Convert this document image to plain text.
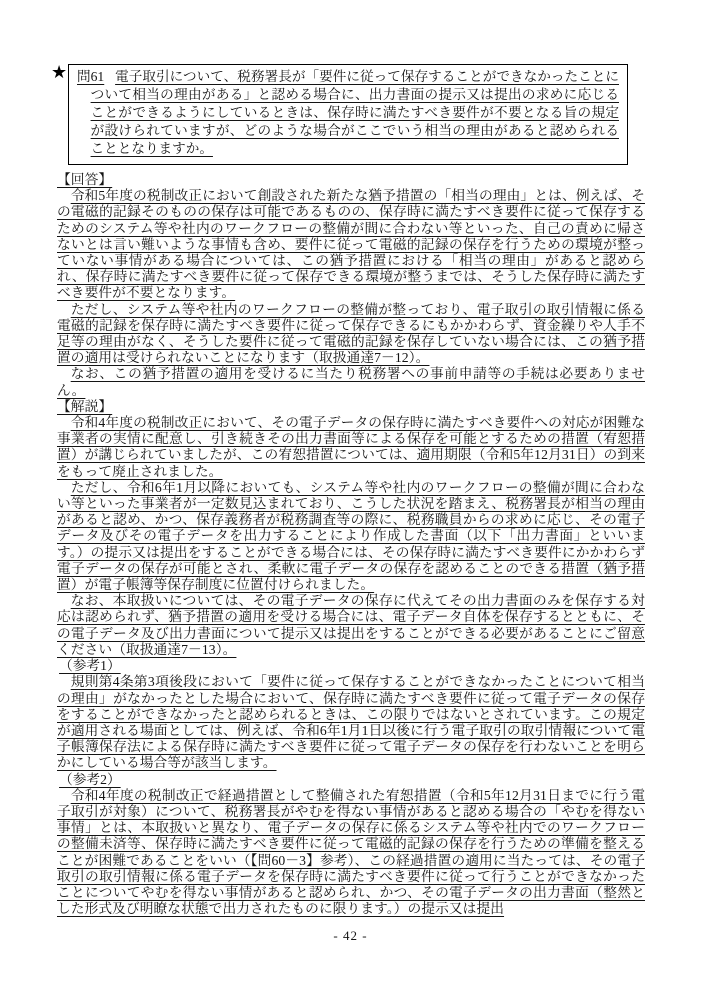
★ 問61 電子取引について、税務署長が「要件に従って保存することができなかったことについて相当の理由がある」と認める場合に、出力書面の提示又は提出の求めに応じることができるようにしているときは、保存時に満たすべき要件が不要となる旨の規定が設けられていますが、どのような場合がここでいう相当の理由があると認められることとなりますか。
【回答】

令和5年度の税制改正において創設された新たな猶予措置の「相当の理由」とは、例えば、その電磁的記録そのものの保存は可能であるものの、保存時に満たすべき要件に従って保存するためのシステム等や社内のワークフローの整備が間に合わない等といった、自己の責めに帰さないとは言い難いような事情も含め、要件に従って電磁的記録の保存を行うための環境が整っていない事情がある場合については、この猶予措置における「相当の理由」があると認められ、保存時に満たすべき要件に従って保存できる環境が整うまでは、そうした保存時に満たすべき要件が不要となります。

ただし、システム等や社内のワークフローの整備が整っており、電子取引の取引情報に係る電磁的記録を保存時に満たすべき要件に従って保存できるにもかかわらず、資金繰りや人手不足等の理由がなく、そうした要件に従って電磁的記録を保存していない場合には、この猶予措置の適用は受けられないことになります（取扱通達7－12）。

なお、この猶予措置の適用を受けるに当たり税務署への事前申請等の手続は必要ありません。

【解説】

令和4年度の税制改正において、その電子データの保存時に満たすべき要件への対応が困難な事業者の実情に配意し、引き続きその出力書面等による保存を可能とするための措置（宥恕措置）が講じられていましたが、この宥恕措置については、適用期限（令和5年12月31日）の到来をもって廃止されました。

ただし、令和6年1月以降においても、システム等や社内のワークフローの整備が間に合わない等といった事業者が一定数見込まれており、こうした状況を踏まえ、税務署長が相当の理由があると認め、かつ、保存義務者が税務調査等の際に、税務職員からの求めに応じ、その電子データ及びその電子データを出力することにより作成した書面（以下「出力書面」といいます。）の提示又は提出をすることができる場合には、その保存時に満たすべき要件にかかわらず電子データの保存が可能とされ、柔軟に電子データの保存を認めることのできる措置（猶予措置）が電子帳簿等保存制度に位置付けられました。

なお、本取扱いについては、その電子データの保存に代えてその出力書面のみを保存する対応は認められず、猶予措置の適用を受ける場合には、電子データ自体を保存するとともに、その電子データ及び出力書面について提示又は提出をすることができる必要があることにご留意ください（取扱通達7－13）。

（参考1）

規則第4条第3項後段において「要件に従って保存することができなかったことについて相当の理由」がなかったとした場合において、保存時に満たすべき要件に従って電子データの保存をすることができなかったと認められるときは、この限りではないとされています。この規定が適用される場面としては、例えば、令和6年1月1日以後に行う電子取引の取引情報について電子帳簿保存法による保存時に満たすべき要件に従って電子データの保存を行わないことを明らかにしている場合等が該当します。

（参考2）

令和4年度の税制改正で経過措置として整備された宥恕措置（令和5年12月31日までに行う電子取引が対象）について、税務署長がやむを得ない事情があると認める場合の「やむを得ない事情」とは、本取扱いと異なり、電子データの保存に係るシステム等や社内でのワークフローの整備未済等、保存時に満たすべき要件に従って電磁的記録の保存を行うための準備を整えることが困難であることをいい（【問60－3】参考）、この経過措置の適用に当たっては、その電子取引の取引情報に係る電子データを保存時に満たすべき要件に従って行うことができなかったことについてやむを得ない事情があると認められ、かつ、その電子データの出力書面（整然とした形式及び明瞭な状態で出力されたものに限ります。）の提示又は提出

- 42 -
